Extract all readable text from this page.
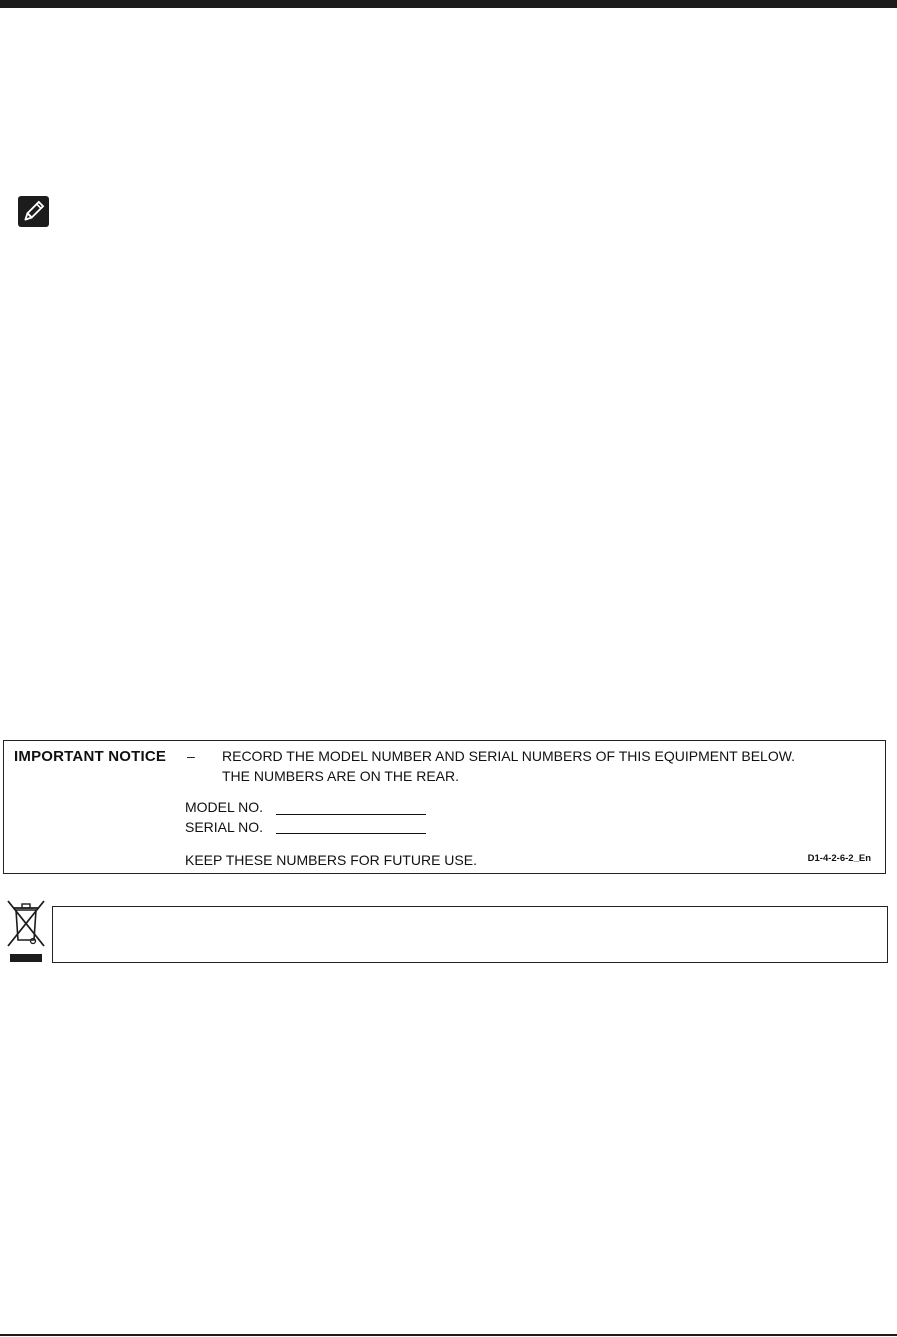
IMPORTANT NOTICE – RECORD THE MODEL NUMBER AND SERIAL NUMBERS OF THIS EQUIPMENT BELOW.
THE NUMBERS ARE ON THE REAR.
MODEL NO.
SERIAL NO.
KEEP THESE NUMBERS FOR FUTURE USE.	D1-4-2-6-2_En
